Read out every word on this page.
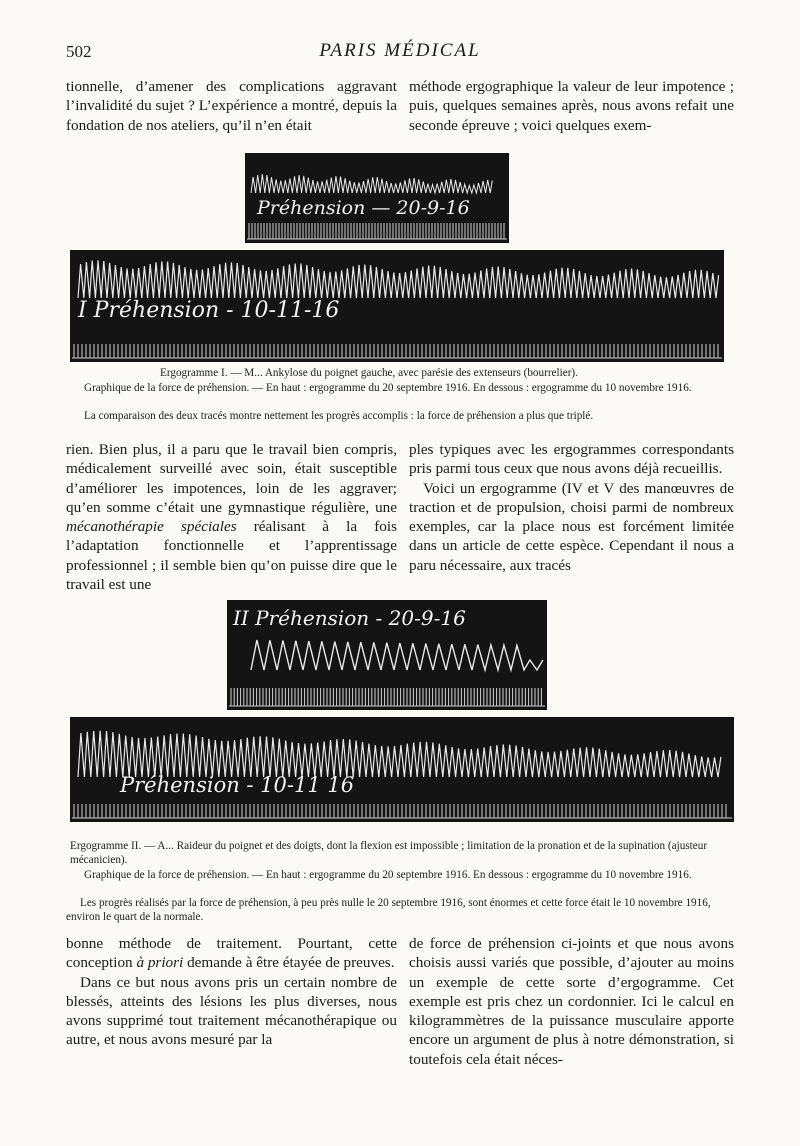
502	PARIS MÉDICAL

tionnelle, d’amener des complications aggravant l’invalidité du sujet ? L’expérience a montré, depuis la fondation de nos ateliers, qu’il n’en était

méthode ergographique la valeur de leur impotence ; puis, quelques semaines après, nous avons refait une seconde épreuve ; voici quelques exem-

Préhension — 20-9-16
I Préhension - 10-11-16
Ergogramme I. — M... Ankylose du poignet gauche, avec parésie des extenseurs (bourrelier).
Graphique de la force de préhension. — En haut : ergogramme du 20 septembre 1916. En dessous : ergogramme du 10 novembre 1916.
La comparaison des deux tracés montre nettement les progrès accomplis : la force de préhension a plus que triplé.

rien. Bien plus, il a paru que le travail bien compris, médicalement surveillé avec soin, était susceptible d’améliorer les impotences, loin de les aggraver; qu’en somme c’était une gymnastique régulière, une mécanothérapie spéciales réalisant à la fois l’adaptation fonctionnelle et l’apprentissage professionnel ; il semble bien qu’on puisse dire que le travail est une

ples typiques avec les ergogrammes correspondants pris parmi tous ceux que nous avons déjà recueillis.

Voici un ergogramme (IV et V des manœuvres de traction et de propulsion, choisi parmi de nombreux exemples, car la place nous est forcément limitée dans un article de cette espèce. Cependant il nous a paru nécessaire, aux tracés

II Préhension - 20-9-16
Préhension - 10-11 16
Ergogramme II. — A... Raideur du poignet et des doigts, dont la flexion est impossible ; limitation de la pronation et de la supination (ajusteur mécanicien).
Graphique de la force de préhension. — En haut : ergogramme du 20 septembre 1916. En dessous : ergogramme du 10 novembre 1916.
Les progrès réalisés par la force de préhension, à peu près nulle le 20 septembre 1916, sont énormes et cette force était le 10 novembre 1916, environ le quart de la normale.

bonne méthode de traitement. Pourtant, cette conception à priori demande à être étayée de preuves.

Dans ce but nous avons pris un certain nombre de blessés, atteints des lésions les plus diverses, nous avons supprimé tout traitement mécanothérapique ou autre, et nous avons mesuré par la

de force de préhension ci-joints et que nous avons choisis aussi variés que possible, d’ajouter au moins un exemple de cette sorte d’ergogramme. Cet exemple est pris chez un cordonnier. Ici le calcul en kilogrammètres de la puissance musculaire apporte encore un argument de plus à notre démonstration, si toutefois cela était néces-
